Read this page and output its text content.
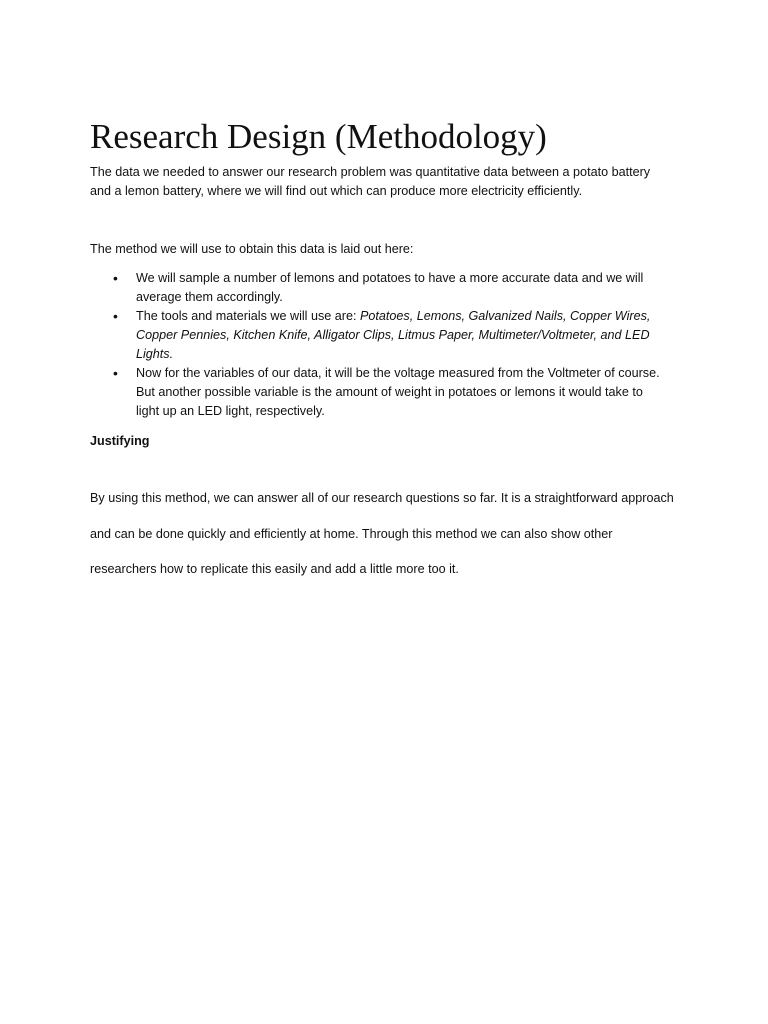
Research Design (Methodology)

The data we needed to answer our research problem was quantitative data between a potato battery
and a lemon battery, where we will find out which can produce more electricity efficiently.

The method we will use to obtain this data is laid out here:

• We will sample a number of lemons and potatoes to have a more accurate data and we will
average them accordingly.
• The tools and materials we will use are: Potatoes, Lemons, Galvanized Nails, Copper Wires,
Copper Pennies, Kitchen Knife, Alligator Clips, Litmus Paper, Multimeter/Voltmeter, and LED
Lights.
• Now for the variables of our data, it will be the voltage measured from the Voltmeter of course.
But another possible variable is the amount of weight in potatoes or lemons it would take to
light up an LED light, respectively.
Justifying

By using this method, we can answer all of our research questions so far. It is a straightforward approach
and can be done quickly and efficiently at home. Through this method we can also show other
researchers how to replicate this easily and add a little more too it.
